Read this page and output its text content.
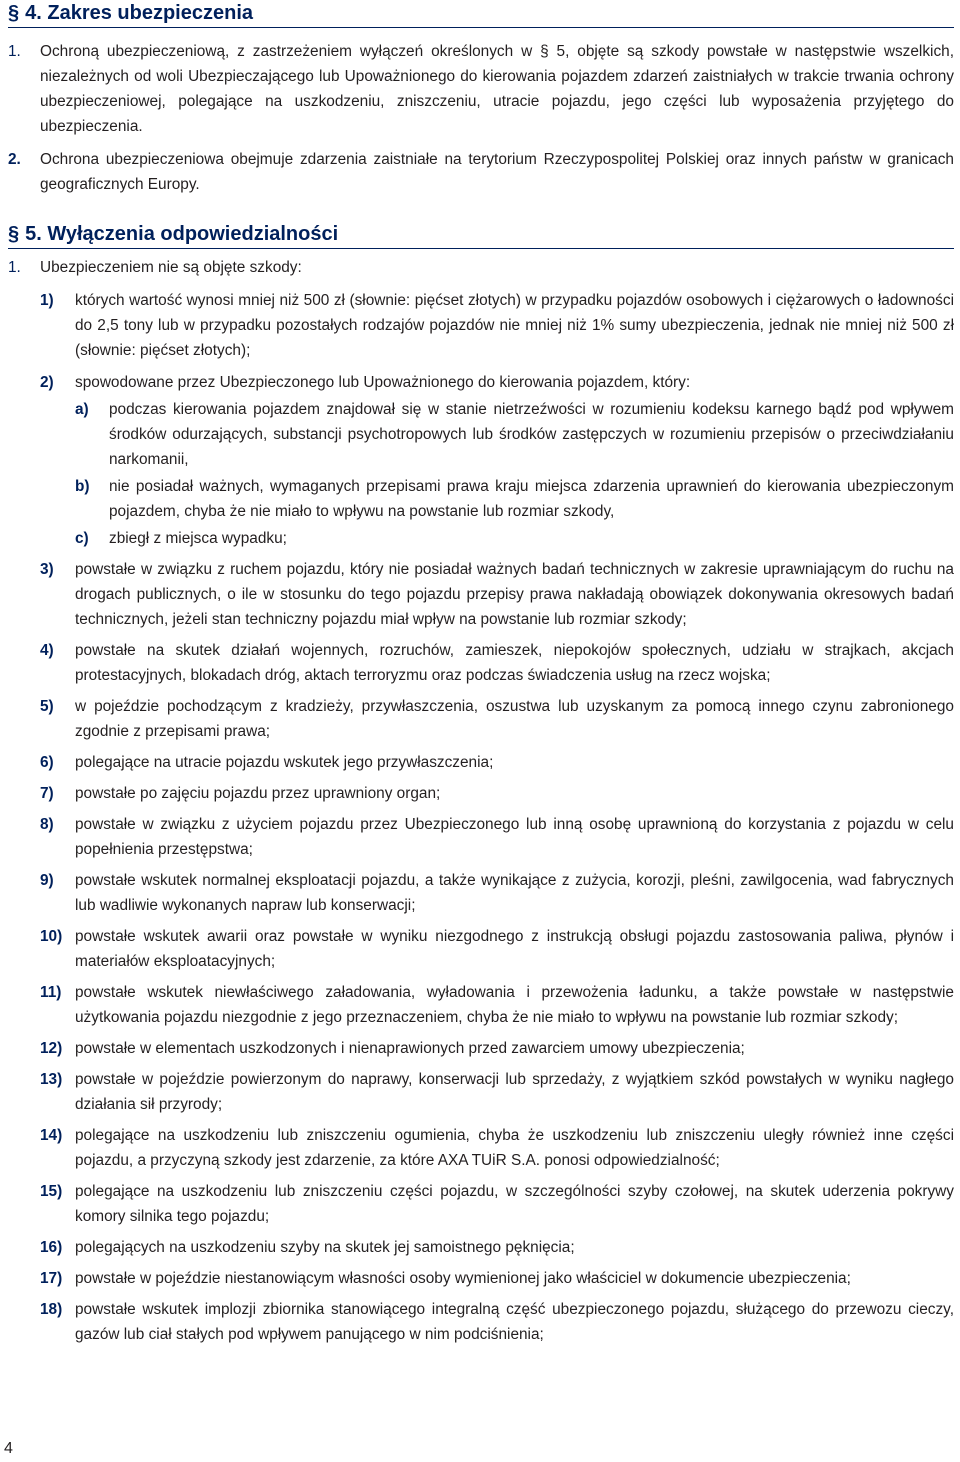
§ 4. Zakres ubezpieczenia
1. Ochroną ubezpieczeniową, z zastrzeżeniem wyłączeń określonych w § 5, objęte są szkody powstałe w następstwie wszelkich, niezależnych od woli Ubezpieczającego lub Upoważnionego do kierowania pojazdem zdarzeń zaistniałych w trakcie trwania ochrony ubezpieczeniowej, polegające na uszkodzeniu, zniszczeniu, utracie pojazdu, jego części lub wyposażenia przyjętego do ubezpieczenia.
2. Ochrona ubezpieczeniowa obejmuje zdarzenia zaistniałe na terytorium Rzeczypospolitej Polskiej oraz innych państw w granicach geograficznych Europy.
§ 5. Wyłączenia odpowiedzialności
1. Ubezpieczeniem nie są objęte szkody:
1) których wartość wynosi mniej niż 500 zł (słownie: pięćset złotych) w przypadku pojazdów osobowych i ciężarowych o ładowności do 2,5 tony lub w przypadku pozostałych rodzajów pojazdów nie mniej niż 1% sumy ubezpieczenia, jednak nie mniej niż 500 zł (słownie: pięćset złotych);
2) spowodowane przez Ubezpieczonego lub Upoważnionego do kierowania pojazdem, który:
a) podczas kierowania pojazdem znajdował się w stanie nietrzeźwości w rozumieniu kodeksu karnego bądź pod wpływem środków odurzających, substancji psychotropowych lub środków zastępczych w rozumieniu przepisów o przeciwdziałaniu narkomanii,
b) nie posiadał ważnych, wymaganych przepisami prawa kraju miejsca zdarzenia uprawnień do kierowania ubezpieczonym pojazdem, chyba że nie miało to wpływu na powstanie lub rozmiar szkody,
c) zbiegł z miejsca wypadku;
3) powstałe w związku z ruchem pojazdu, który nie posiadał ważnych badań technicznych w zakresie uprawniającym do ruchu na drogach publicznych, o ile w stosunku do tego pojazdu przepisy prawa nakładają obowiązek dokonywania okresowych badań technicznych, jeżeli stan techniczny pojazdu miał wpływ na powstanie lub rozmiar szkody;
4) powstałe na skutek działań wojennych, rozruchów, zamieszek, niepokojów społecznych, udziału w strajkach, akcjach protestacyjnych, blokadach dróg, aktach terroryzmu oraz podczas świadczenia usług na rzecz wojska;
5) w pojeździe pochodzącym z kradzieży, przywłaszczenia, oszustwa lub uzyskanym za pomocą innego czynu zabronionego zgodnie z przepisami prawa;
6) polegające na utracie pojazdu wskutek jego przywłaszczenia;
7) powstałe po zajęciu pojazdu przez uprawniony organ;
8) powstałe w związku z użyciem pojazdu przez Ubezpieczonego lub inną osobę uprawnioną do korzystania z pojazdu w celu popełnienia przestępstwa;
9) powstałe wskutek normalnej eksploatacji pojazdu, a także wynikające z zużycia, korozji, pleśni, zawilgocenia, wad fabrycznych lub wadliwie wykonanych napraw lub konserwacji;
10) powstałe wskutek awarii oraz powstałe w wyniku niezgodnego z instrukcją obsługi pojazdu zastosowania paliwa, płynów i materiałów eksploatacyjnych;
11) powstałe wskutek niewłaściwego załadowania, wyładowania i przewożenia ładunku, a także powstałe w następstwie użytkowania pojazdu niezgodnie z jego przeznaczeniem, chyba że nie miało to wpływu na powstanie lub rozmiar szkody;
12) powstałe w elementach uszkodzonych i nienaprawionych przed zawarciem umowy ubezpieczenia;
13) powstałe w pojeździe powierzonym do naprawy, konserwacji lub sprzedaży, z wyjątkiem szkód powstałych w wyniku nagłego działania sił przyrody;
14) polegające na uszkodzeniu lub zniszczeniu ogumienia, chyba że uszkodzeniu lub zniszczeniu uległy również inne części pojazdu, a przyczyną szkody jest zdarzenie, za które AXA TUiR S.A. ponosi odpowiedzialność;
15) polegające na uszkodzeniu lub zniszczeniu części pojazdu, w szczególności szyby czołowej, na skutek uderzenia pokrywy komory silnika tego pojazdu;
16) polegających na uszkodzeniu szyby na skutek jej samoistnego pęknięcia;
17) powstałe w pojeździe niestanowiącym własności osoby wymienionej jako właściciel w dokumencie ubezpieczenia;
18) powstałe wskutek implozji zbiornika stanowiącego integralną część ubezpieczonego pojazdu, służącego do przewozu cieczy, gazów lub ciał stałych pod wpływem panującego w nim podciśnienia;
4
